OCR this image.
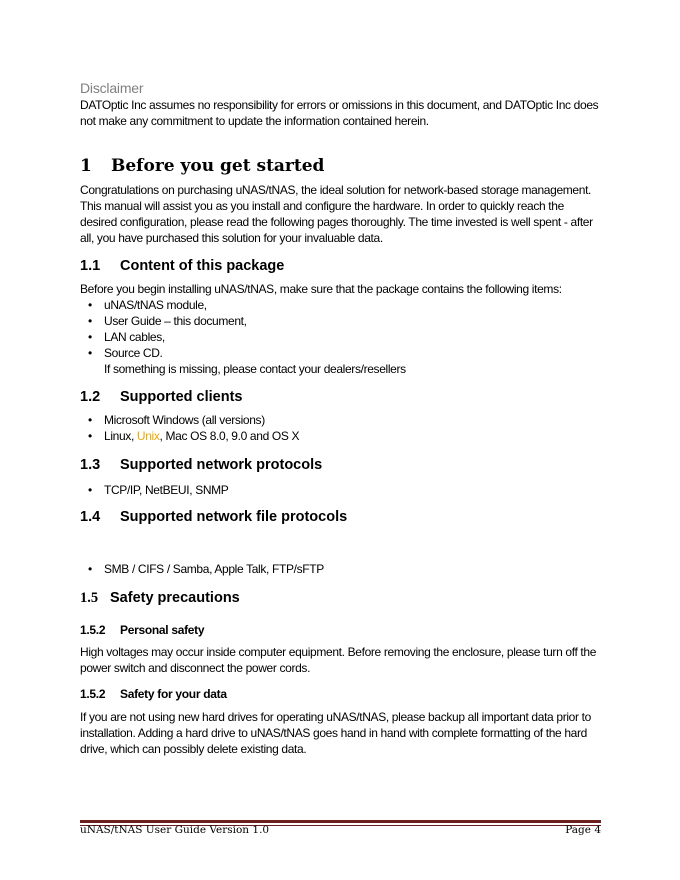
Disclaimer
DATOptic Inc assumes no responsibility for errors or omissions in this document, and DATOptic Inc does not make any commitment to update the information contained herein.
1 Before you get started
Congratulations on purchasing uNAS/tNAS, the ideal solution for network-based storage management. This manual will assist you as you install and configure the hardware. In order to quickly reach the desired configuration, please read the following pages thoroughly. The time invested is well spent - after all, you have purchased this solution for your invaluable data.
1.1 Content of this package
Before you begin installing uNAS/tNAS, make sure that the package contains the following items:
• uNAS/tNAS module,
• User Guide – this document,
• LAN cables,
• Source CD.
If something is missing, please contact your dealers/resellers
1.2 Supported clients
• Microsoft Windows (all versions)
• Linux, Unix, Mac OS 8.0, 9.0 and OS X
1.3 Supported network protocols
• TCP/IP, NetBEUI, SNMP
1.4 Supported network file protocols
• SMB / CIFS / Samba, Apple Talk, FTP/sFTP
1.5 Safety precautions
1.5.2 Personal safety
High voltages may occur inside computer equipment. Before removing the enclosure, please turn off the power switch and disconnect the power cords.
1.5.2 Safety for your data
If you are not using new hard drives for operating uNAS/tNAS, please backup all important data prior to installation. Adding a hard drive to uNAS/tNAS goes hand in hand with complete formatting of the hard drive, which can possibly delete existing data.
uNAS/tNAS User Guide Version 1.0	Page 4
